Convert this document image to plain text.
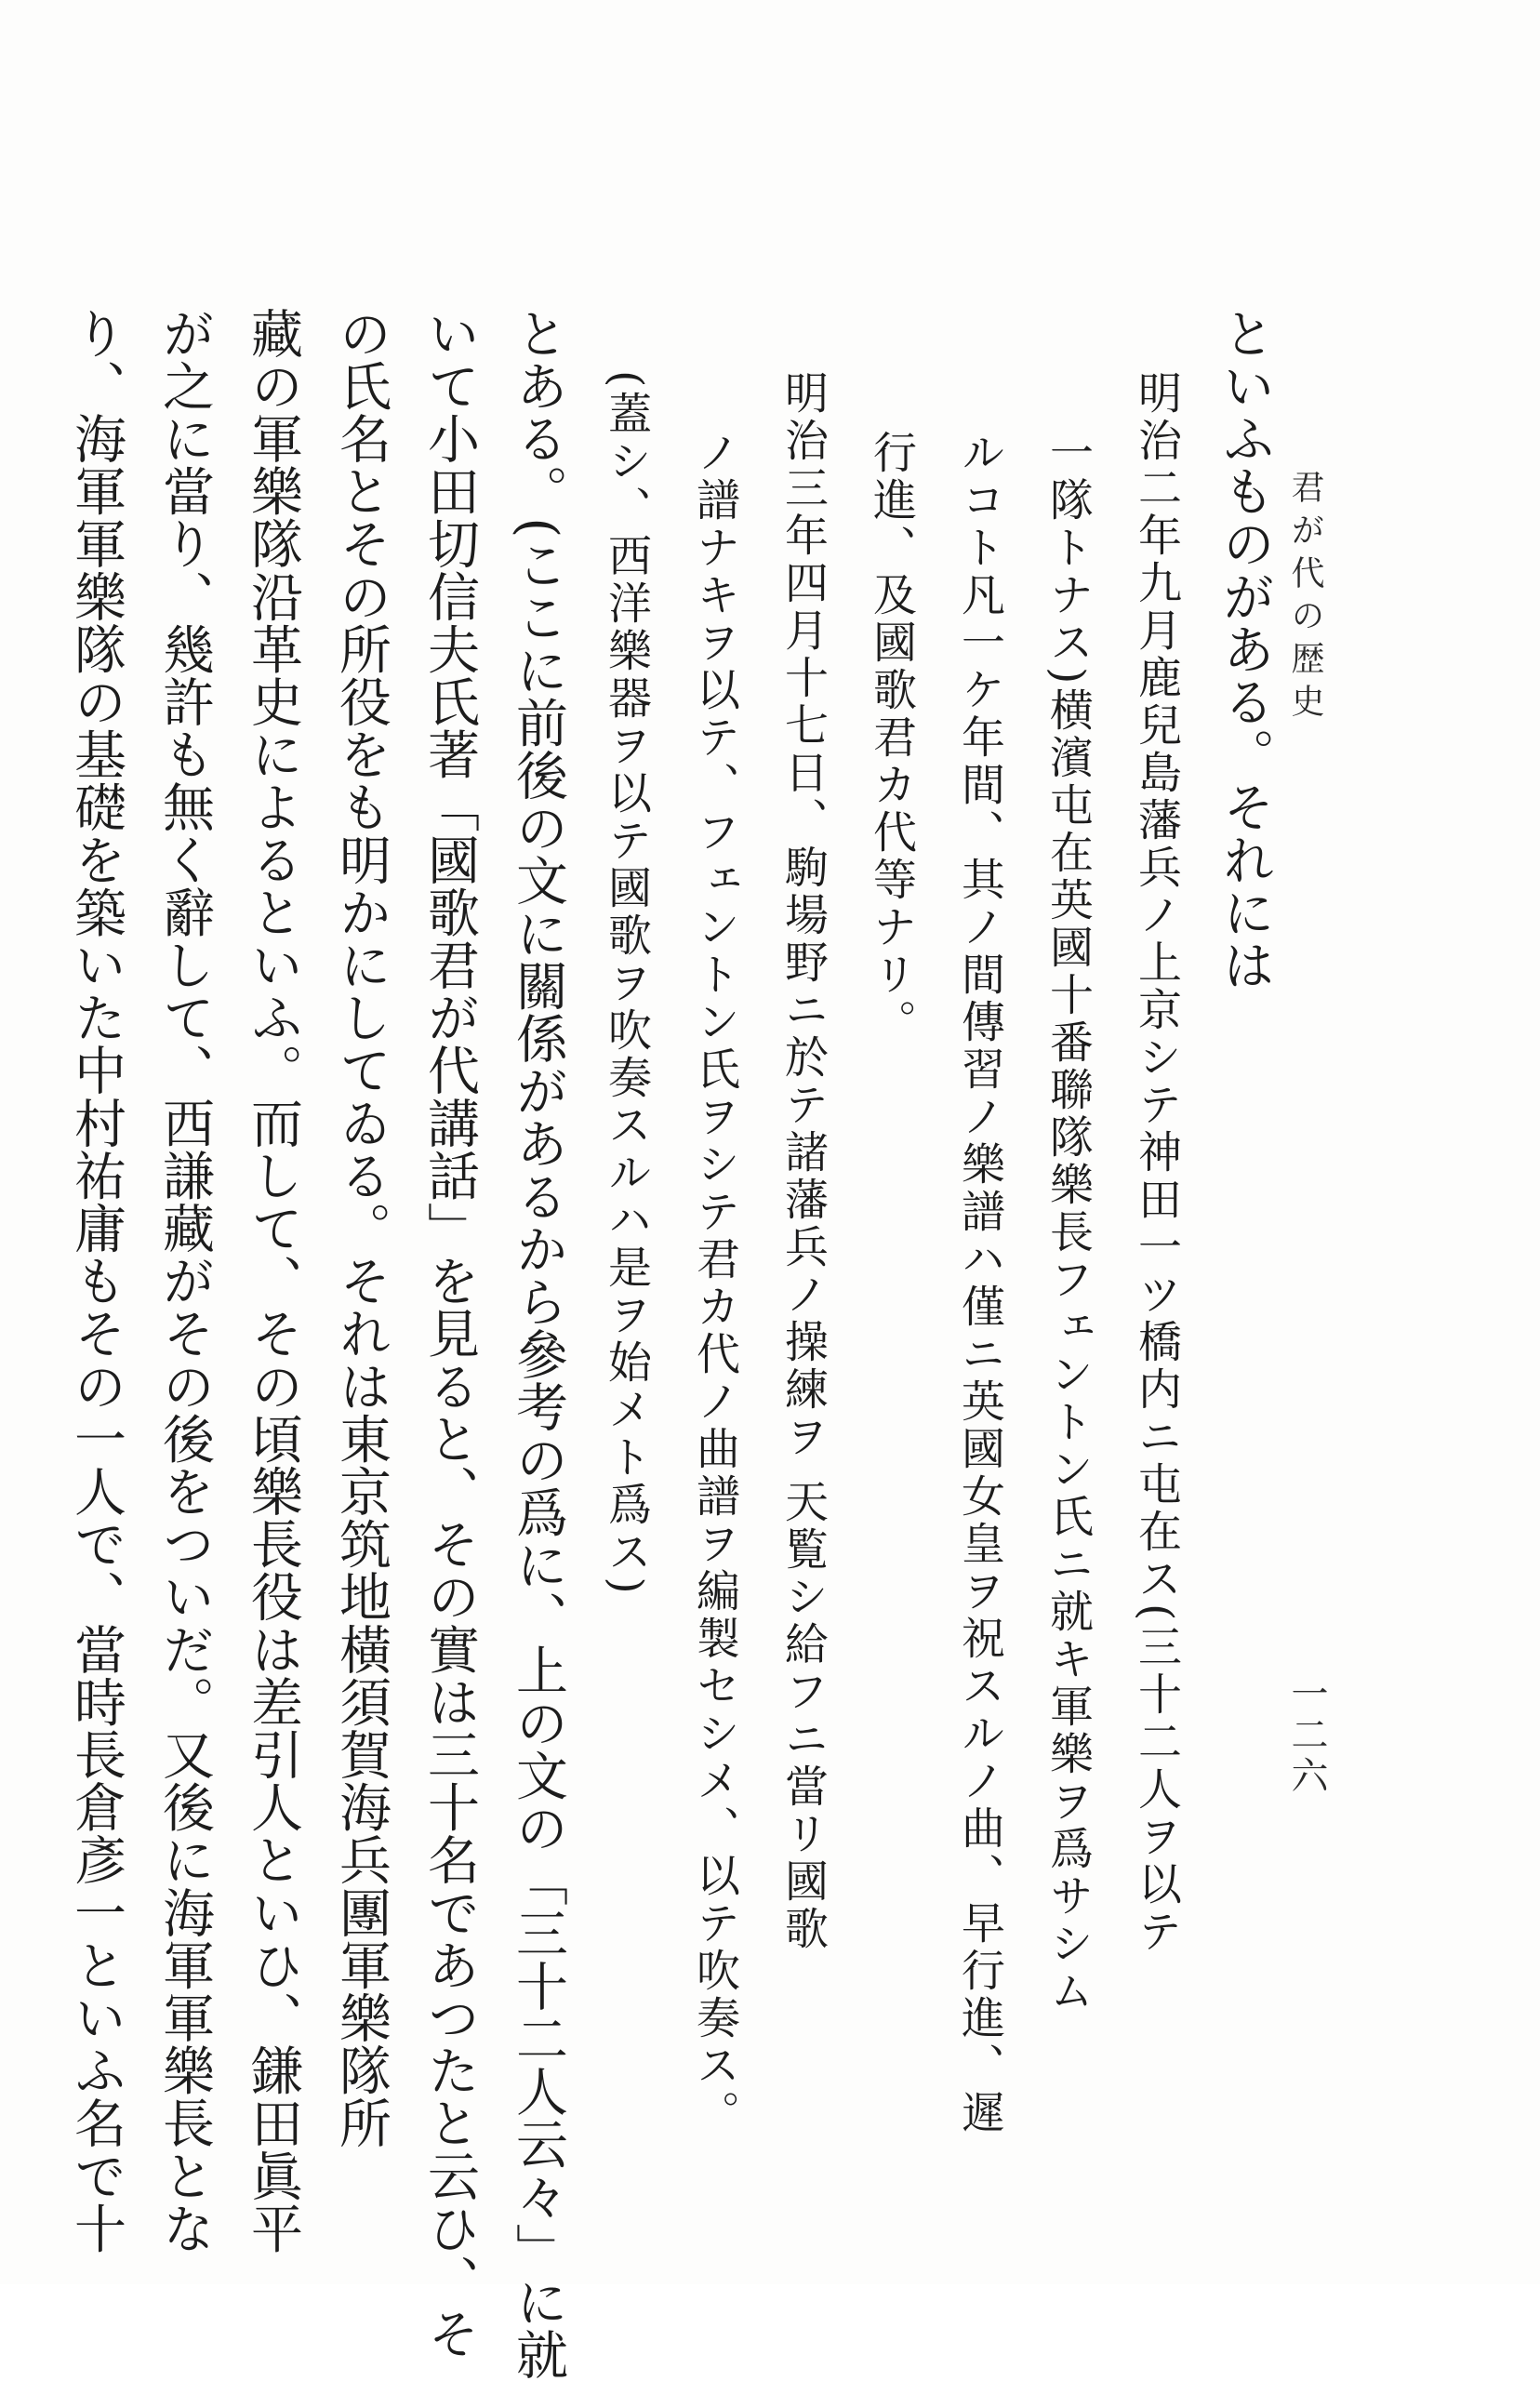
君が代の歴史
一二六

といふものがある。それには

明治二年九月鹿兒島藩兵ノ上京シテ神田一ツ橋内ニ屯在ス(三十二人ヲ以テ

一隊トナス)横濱屯在英國十番聯隊樂長フェントン氏ニ就キ軍樂ヲ爲サシム

ルコト凡一ケ年間、其ノ間傳習ノ樂譜ハ僅ニ英國女皇ヲ祝スルノ曲、早行進、遲

行進、及國歌君カ代等ナリ。

明治三年四月十七日、駒場野ニ於テ諸藩兵ノ操練ヲ 天覧シ給フニ當リ國歌

ノ譜ナキヲ以テ、フェントン氏ヲシテ君カ代ノ曲譜ヲ編製セシメ、以テ吹奏ス。

(蓋シ、西洋樂器ヲ以テ國歌ヲ吹奏スルハ是ヲ始メト爲ス)

とある。(ここに前後の文に關係があるから參考の爲に、上の文の「三十二人云々」に就

いて小田切信夫氏著「國歌君が代講話」を見ると、その實は三十名であつたと云ひ、そ

の氏名とその所役をも明かにしてゐる。それは東京筑地橫須賀海兵團軍樂隊所

藏の軍樂隊沿革史によるといふ。而して、その頃樂長役は差引人といひ、鎌田眞平

が之に當り、幾許も無く辭して、西謙藏がその後をついだ。又後に海軍軍樂長とな

り、海軍軍樂隊の基礎を築いた中村祐庸もその一人で、當時長倉彥一といふ名で十
